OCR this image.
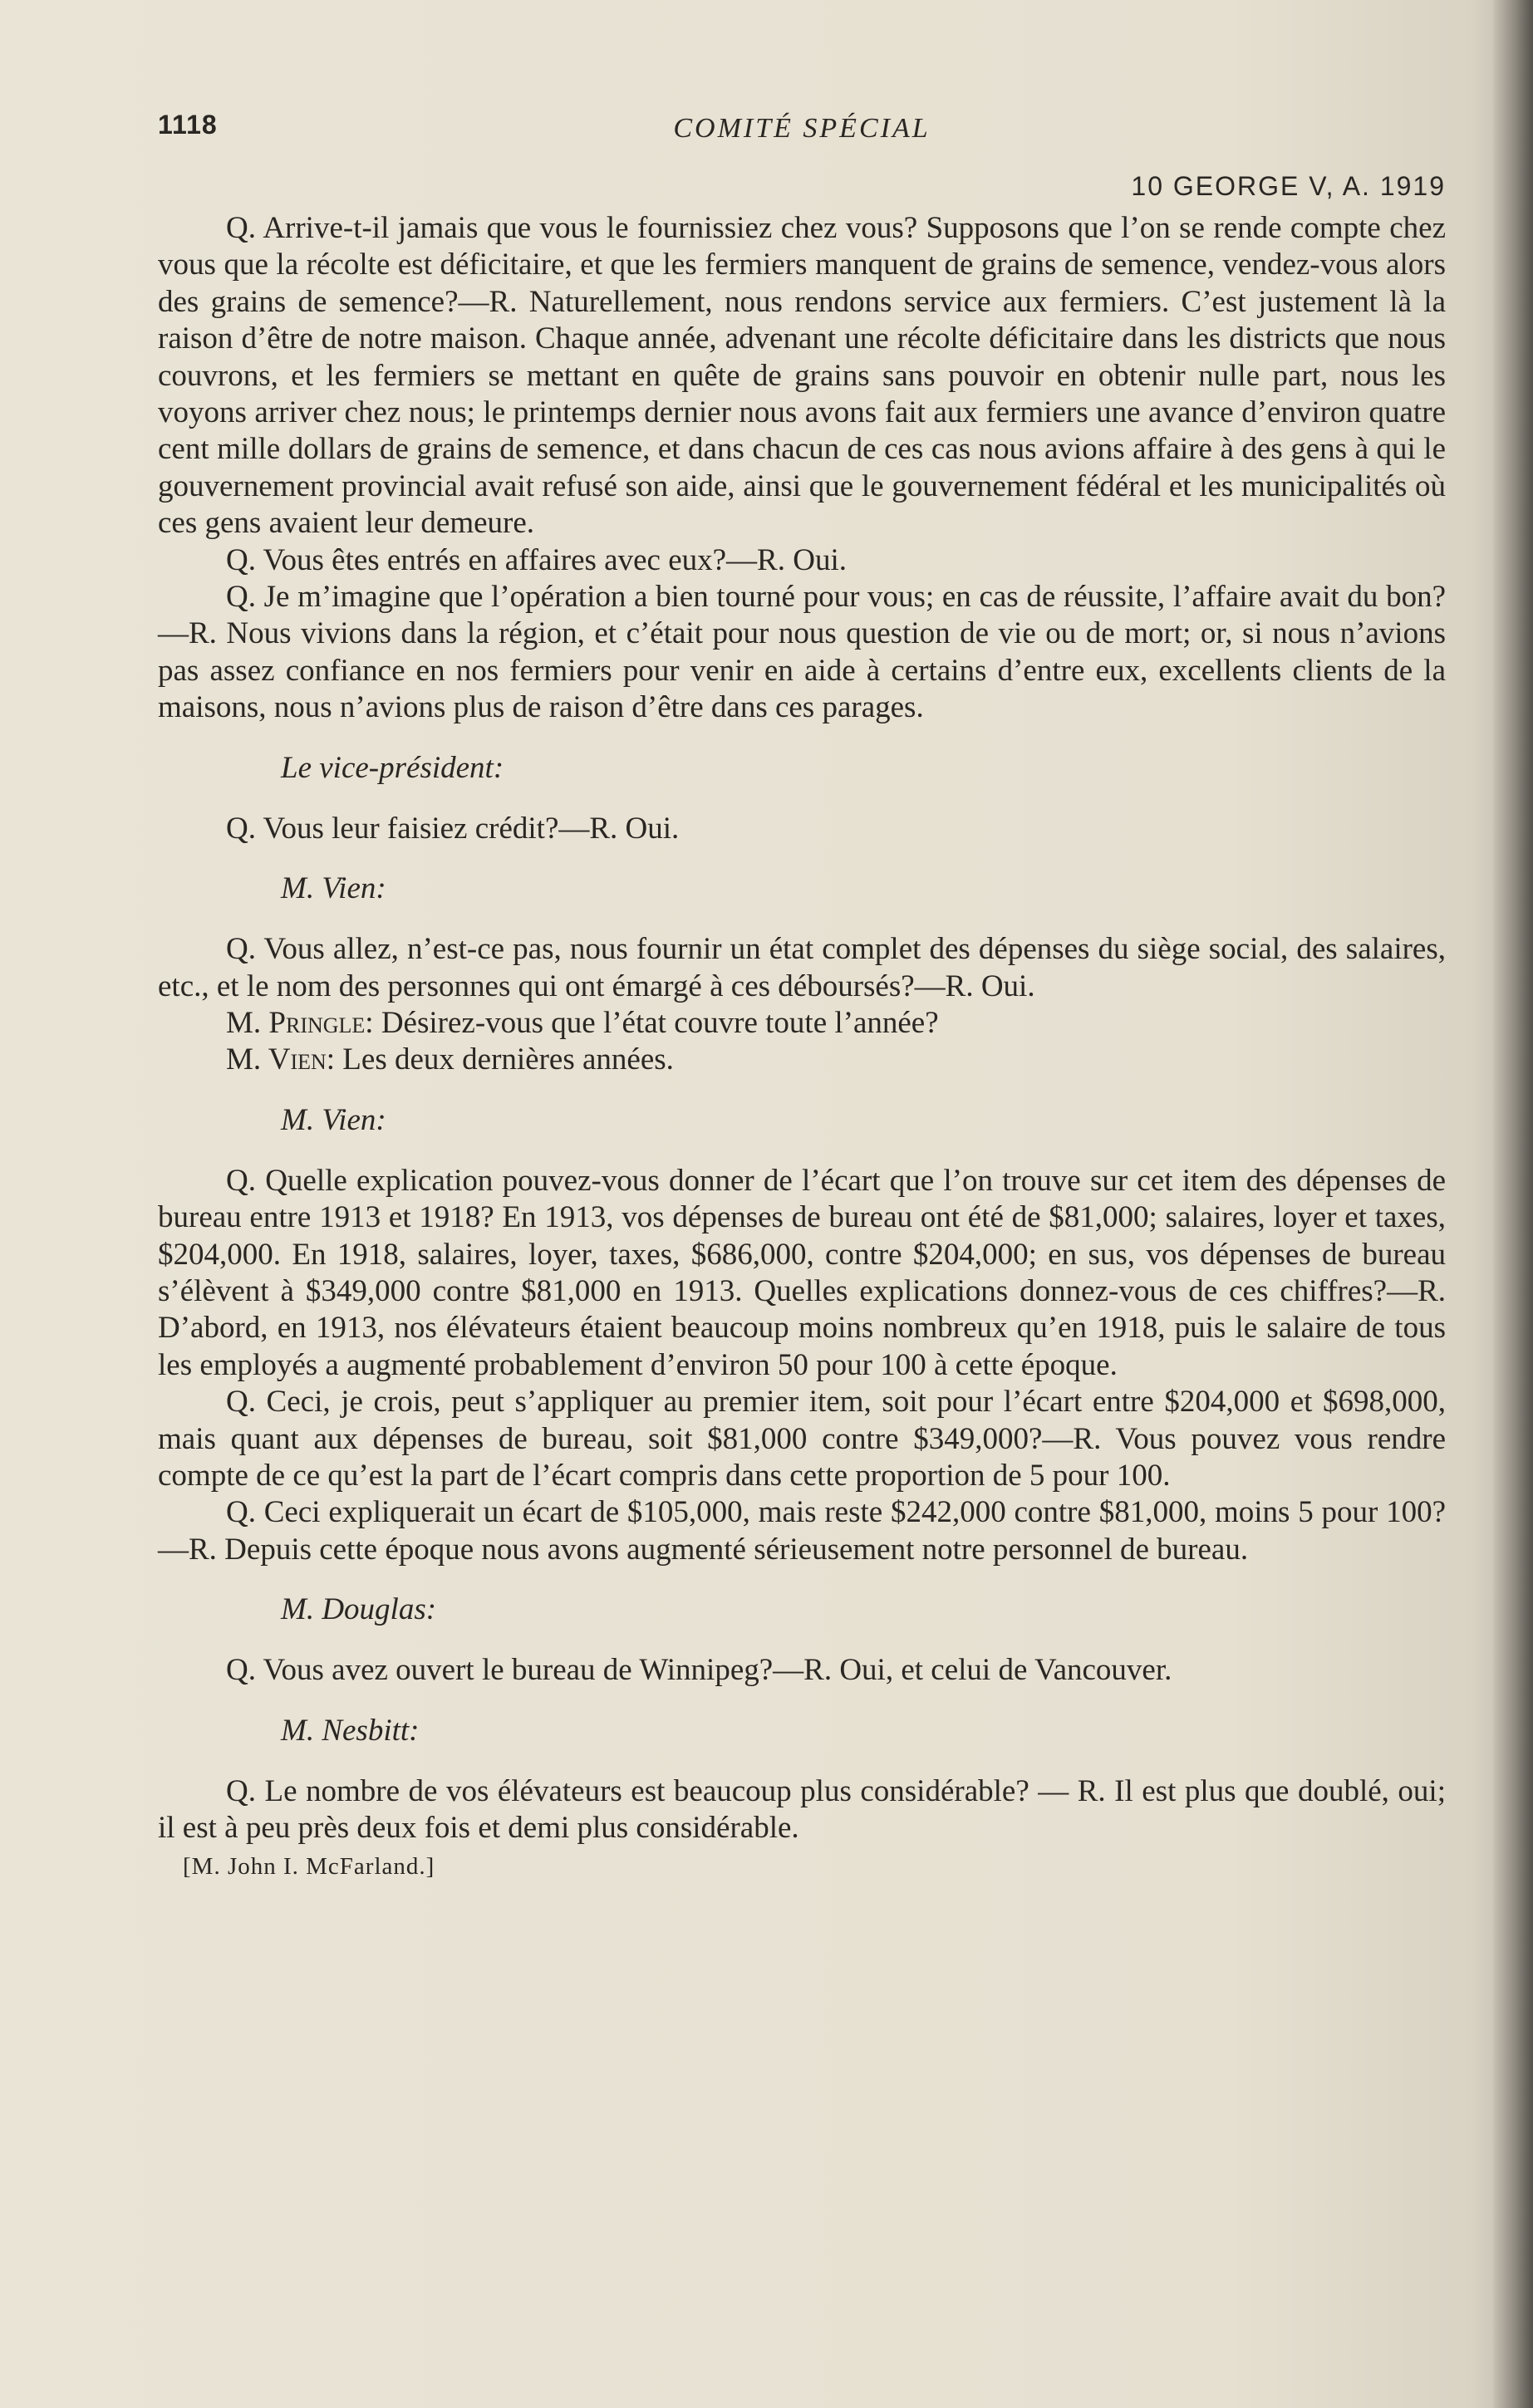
1118	COMITÉ SPÉCIAL
10 GEORGE V, A. 1919

Q. Arrive-t-il jamais que vous le fournissiez chez vous? Supposons que l’on se rende compte chez vous que la récolte est déficitaire, et que les fermiers manquent de grains de semence, vendez-vous alors des grains de semence?—R. Naturellement, nous rendons service aux fermiers. C’est justement là la raison d’être de notre maison. Chaque année, advenant une récolte déficitaire dans les districts que nous couvrons, et les fermiers se mettant en quête de grains sans pouvoir en obtenir nulle part, nous les voyons arriver chez nous; le printemps dernier nous avons fait aux fermiers une avance d’environ quatre cent mille dollars de grains de semence, et dans chacun de ces cas nous avions affaire à des gens à qui le gouvernement provincial avait refusé son aide, ainsi que le gouvernement fédéral et les municipalités où ces gens avaient leur demeure.

Q. Vous êtes entrés en affaires avec eux?—R. Oui.

Q. Je m’imagine que l’opération a bien tourné pour vous; en cas de réussite, l’affaire avait du bon?—R. Nous vivions dans la région, et c’était pour nous question de vie ou de mort; or, si nous n’avions pas assez confiance en nos fermiers pour venir en aide à certains d’entre eux, excellents clients de la maisons, nous n’avions plus de raison d’être dans ces parages.

Le vice-président:

Q. Vous leur faisiez crédit?—R. Oui.

M. Vien:

Q. Vous allez, n’est-ce pas, nous fournir un état complet des dépenses du siège social, des salaires, etc., et le nom des personnes qui ont émargé à ces déboursés?—R. Oui.

M. Pringle: Désirez-vous que l’état couvre toute l’année?

M. Vien: Les deux dernières années.

M. Vien:

Q. Quelle explication pouvez-vous donner de l’écart que l’on trouve sur cet item des dépenses de bureau entre 1913 et 1918? En 1913, vos dépenses de bureau ont été de $81,000; salaires, loyer et taxes, $204,000. En 1918, salaires, loyer, taxes, $686,000, contre $204,000; en sus, vos dépenses de bureau s’élèvent à $349,000 contre $81,000 en 1913. Quelles explications donnez-vous de ces chiffres?—R. D’abord, en 1913, nos élévateurs étaient beaucoup moins nombreux qu’en 1918, puis le salaire de tous les employés a augmenté probablement d’environ 50 pour 100 à cette époque.

Q. Ceci, je crois, peut s’appliquer au premier item, soit pour l’écart entre $204,000 et $698,000, mais quant aux dépenses de bureau, soit $81,000 contre $349,000?—R. Vous pouvez vous rendre compte de ce qu’est la part de l’écart compris dans cette proportion de 5 pour 100.

Q. Ceci expliquerait un écart de $105,000, mais reste $242,000 contre $81,000, moins 5 pour 100?—R. Depuis cette époque nous avons augmenté sérieusement notre personnel de bureau.

M. Douglas:

Q. Vous avez ouvert le bureau de Winnipeg?—R. Oui, et celui de Vancouver.

M. Nesbitt:

Q. Le nombre de vos élévateurs est beaucoup plus considérable? — R. Il est plus que doublé, oui; il est à peu près deux fois et demi plus considérable.

[M. John I. McFarland.]
